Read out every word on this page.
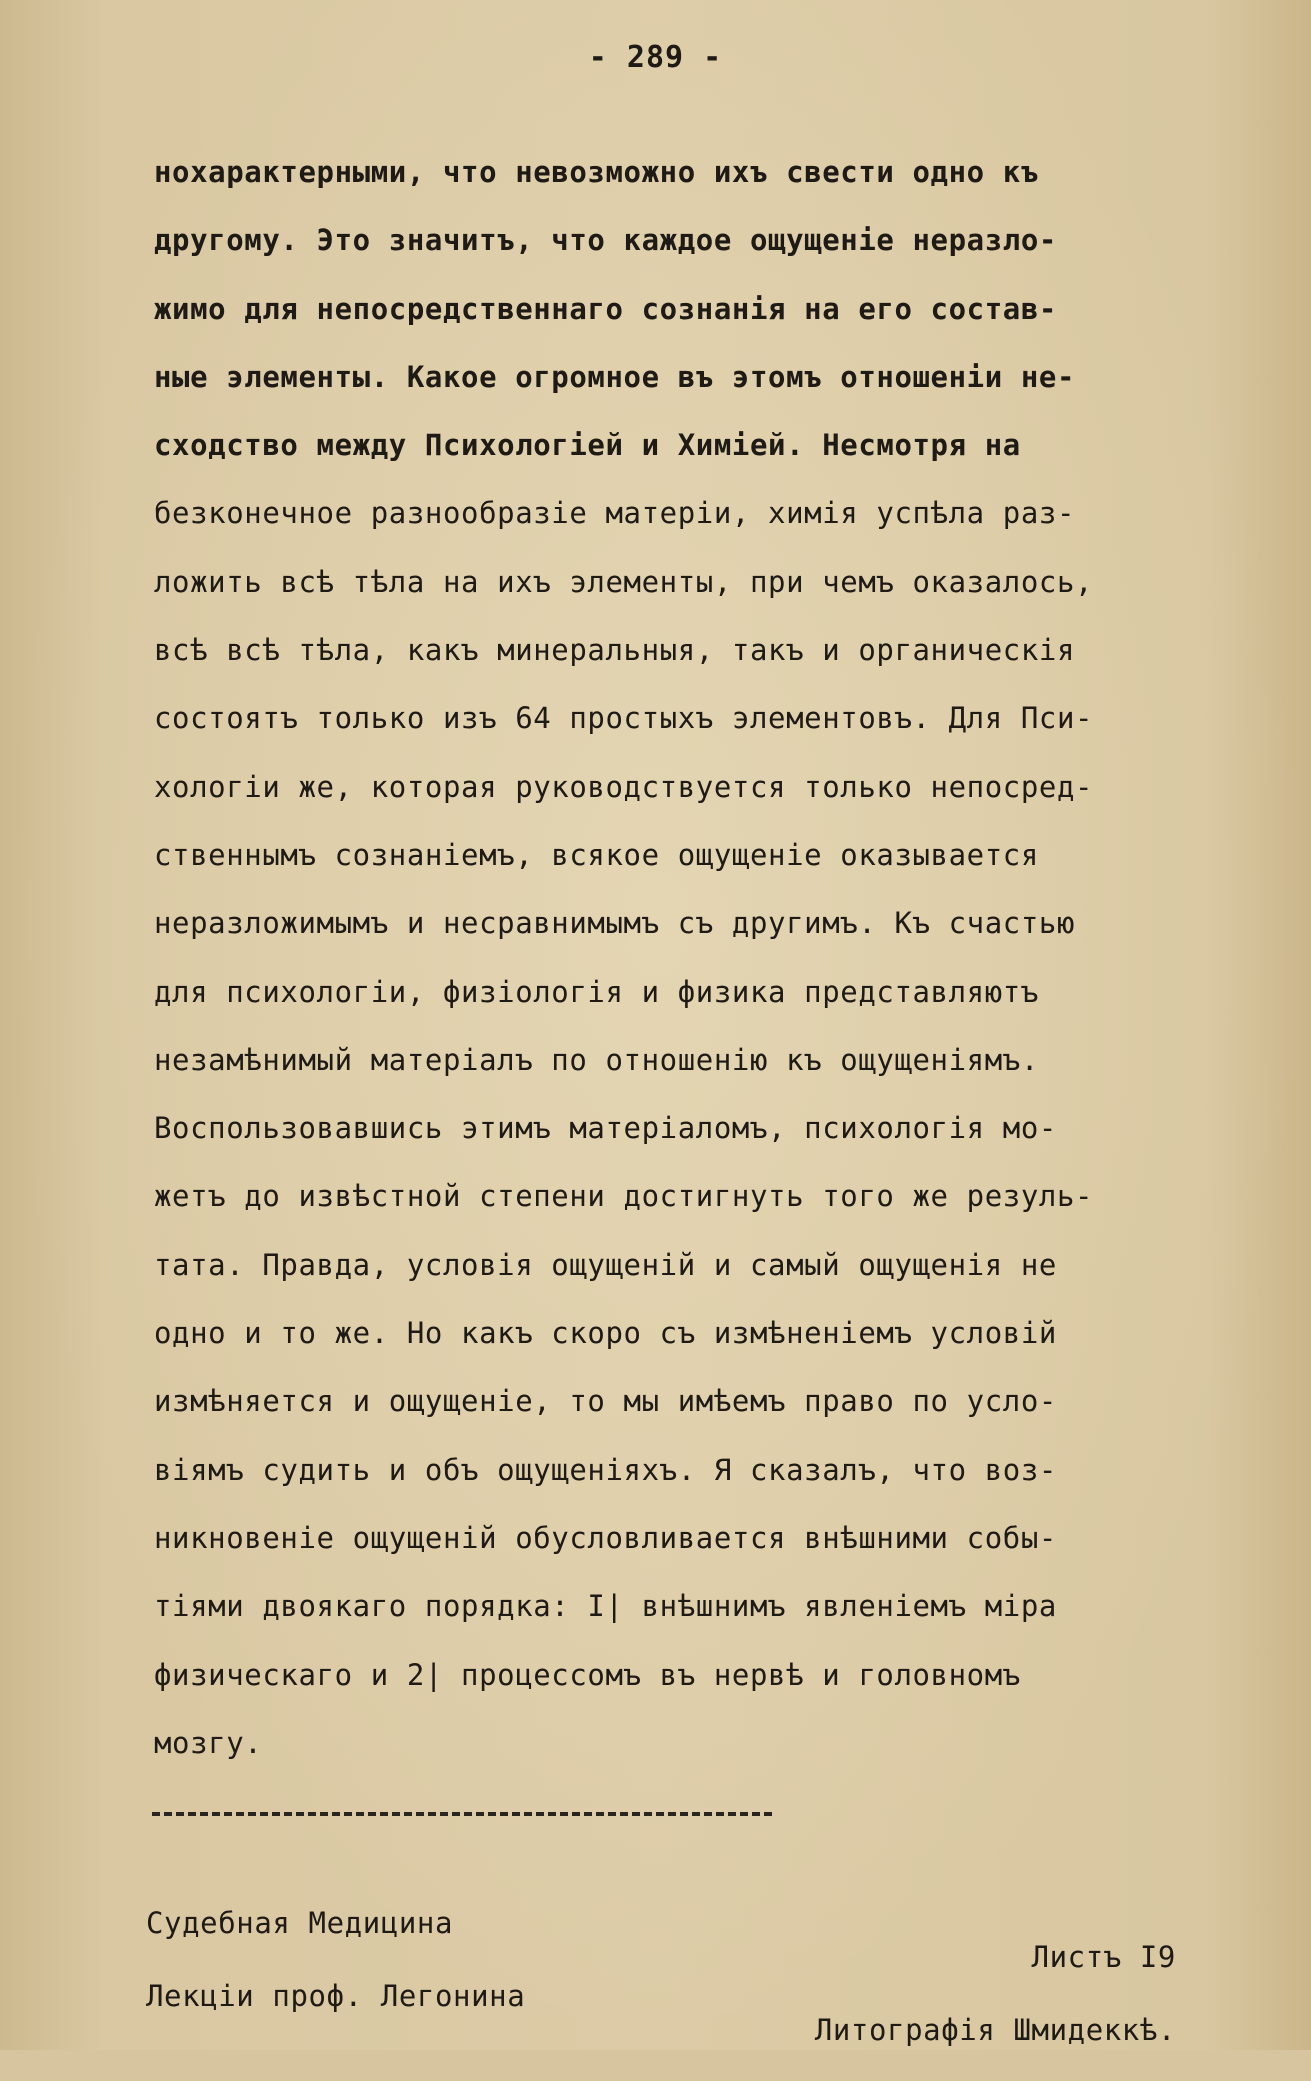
- 289 -
нохарактерными, что невозможно ихъ свести одно къ
другому. Это значитъ, что каждое ощущеніе неразло-
жимо для непосредственнаго сознанія на его состав-
ные элементы. Какое огромное въ этомъ отношеніи не-
сходство между Психологіей и Химіей. Несмотря на
безконечное разнообразіе матеріи, химія успѣла раз-
ложить всѣ тѣла на ихъ элементы, при чемъ оказалось,
всѣ всѣ тѣла, какъ минеральныя, такъ и органическія
состоятъ только изъ 64 простыхъ элементовъ. Для Пси-
хологіи же, которая руководствуется только непосред-
ственнымъ сознаніемъ, всякое ощущеніе оказывается
неразложимымъ и несравнимымъ съ другимъ. Къ счастью
для психологіи, физіологія и физика представляютъ
незамѣнимый матеріалъ по отношенію къ ощущеніямъ.
Воспользовавшись этимъ матеріаломъ, психологія мо-
жетъ до извѣстной степени достигнуть того же резуль-
тата. Правда, условія ощущеній и самый ощущенія не
одно и то же. Но какъ скоро съ измѣненіемъ условій
измѣняется и ощущеніе, то мы имѣемъ право по усло-
віямъ судить и объ ощущеніяхъ. Я сказалъ, что воз-
никновеніе ощущеній обусловливается внѣшними собы-
тіями двоякаго порядка: I| внѣшнимъ явленіемъ міра
физическаго и 2| процессомъ въ нервѣ и головномъ
мозгу.

Судебная Медицина

Листъ I9

Лекціи проф. Легонина

Литографія Шмидеккѣ.
